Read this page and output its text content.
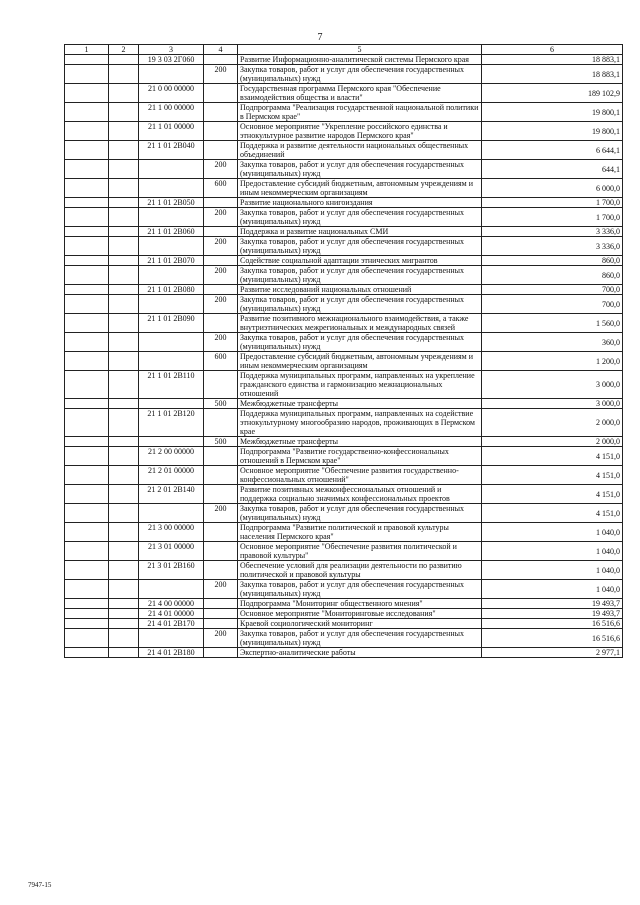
7
1	2	3	4	5	6
		19 3 03 2Г060		Развитие Информационно-аналитической системы Пермского края	18 883,1
			200	Закупка товаров, работ и услуг для обеспечения государственных (муниципальных) нужд	18 883,1
		21 0 00 00000		Государственная программа Пермского края "Обеспечение взаимодействия общества и власти"	189 102,9
		21 1 00 00000		Подпрограмма "Реализация государственной национальной политики в Пермском крае"	19 800,1
		21 1 01 00000		Основное мероприятие "Укрепление российского единства и этнокультурное развитие народов Пермского края"	19 800,1
		21 1 01 2В040		Поддержка и развитие деятельности национальных общественных объединений	6 644,1
			200	Закупка товаров, работ и услуг для обеспечения государственных (муниципальных) нужд	644,1
			600	Предоставление субсидий бюджетным, автономным учреждениям и иным некоммерческим организациям	6 000,0
		21 1 01 2В050		Развитие национального книгоиздания	1 700,0
			200	Закупка товаров, работ и услуг для обеспечения государственных (муниципальных) нужд	1 700,0
		21 1 01 2В060		Поддержка и развитие национальных СМИ	3 336,0
			200	Закупка товаров, работ и услуг для обеспечения государственных (муниципальных) нужд	3 336,0
		21 1 01 2В070		Содействие социальной адаптации этнических мигрантов	860,0
			200	Закупка товаров, работ и услуг для обеспечения государственных (муниципальных) нужд	860,0
		21 1 01 2В080		Развитие исследований национальных отношений	700,0
			200	Закупка товаров, работ и услуг для обеспечения государственных (муниципальных) нужд	700,0
		21 1 01 2В090		Развитие позитивного межнационального взаимодействия, а также внутриэтнических межрегиональных и международных связей	1 560,0
			200	Закупка товаров, работ и услуг для обеспечения государственных (муниципальных) нужд	360,0
			600	Предоставление субсидий бюджетным, автономным учреждениям и иным некоммерческим организациям	1 200,0
		21 1 01 2В110		Поддержка муниципальных программ, направленных на укрепление гражданского единства и гармонизацию межнациональных отношений	3 000,0
			500	Межбюджетные трансферты	3 000,0
		21 1 01 2В120		Поддержка муниципальных программ, направленных на содействие этнокультурному многообразию народов, проживающих в Пермском крае	2 000,0
			500	Межбюджетные трансферты	2 000,0
		21 2 00 00000		Подпрограмма "Развитие государственно-конфессиональных отношений в Пермском крае"	4 151,0
		21 2 01 00000		Основное мероприятие "Обеспечение развития государственно-конфессиональных отношений"	4 151,0
		21 2 01 2В140		Развитие позитивных межконфессиональных отношений и поддержка социально значимых конфессиональных проектов	4 151,0
			200	Закупка товаров, работ и услуг для обеспечения государственных (муниципальных) нужд	4 151,0
		21 3 00 00000		Подпрограмма "Развитие политической и правовой культуры населения Пермского края"	1 040,0
		21 3 01 00000		Основное мероприятие "Обеспечение развития политической и правовой культуры"	1 040,0
		21 3 01 2В160		Обеспечение условий для реализации деятельности по развитию политической и правовой культуры	1 040,0
			200	Закупка товаров, работ и услуг для обеспечения государственных (муниципальных) нужд	1 040,0
		21 4 00 00000		Подпрограмма "Мониторинг общественного мнения"	19 493,7
		21 4 01 00000		Основное мероприятие "Мониторинговые исследования"	19 493,7
		21 4 01 2В170		Краевой социологический мониторинг	16 516,6
			200	Закупка товаров, работ и услуг для обеспечения государственных (муниципальных) нужд	16 516,6
		21 4 01 2В180		Экспертно-аналитические работы	2 977,1
7947-15
